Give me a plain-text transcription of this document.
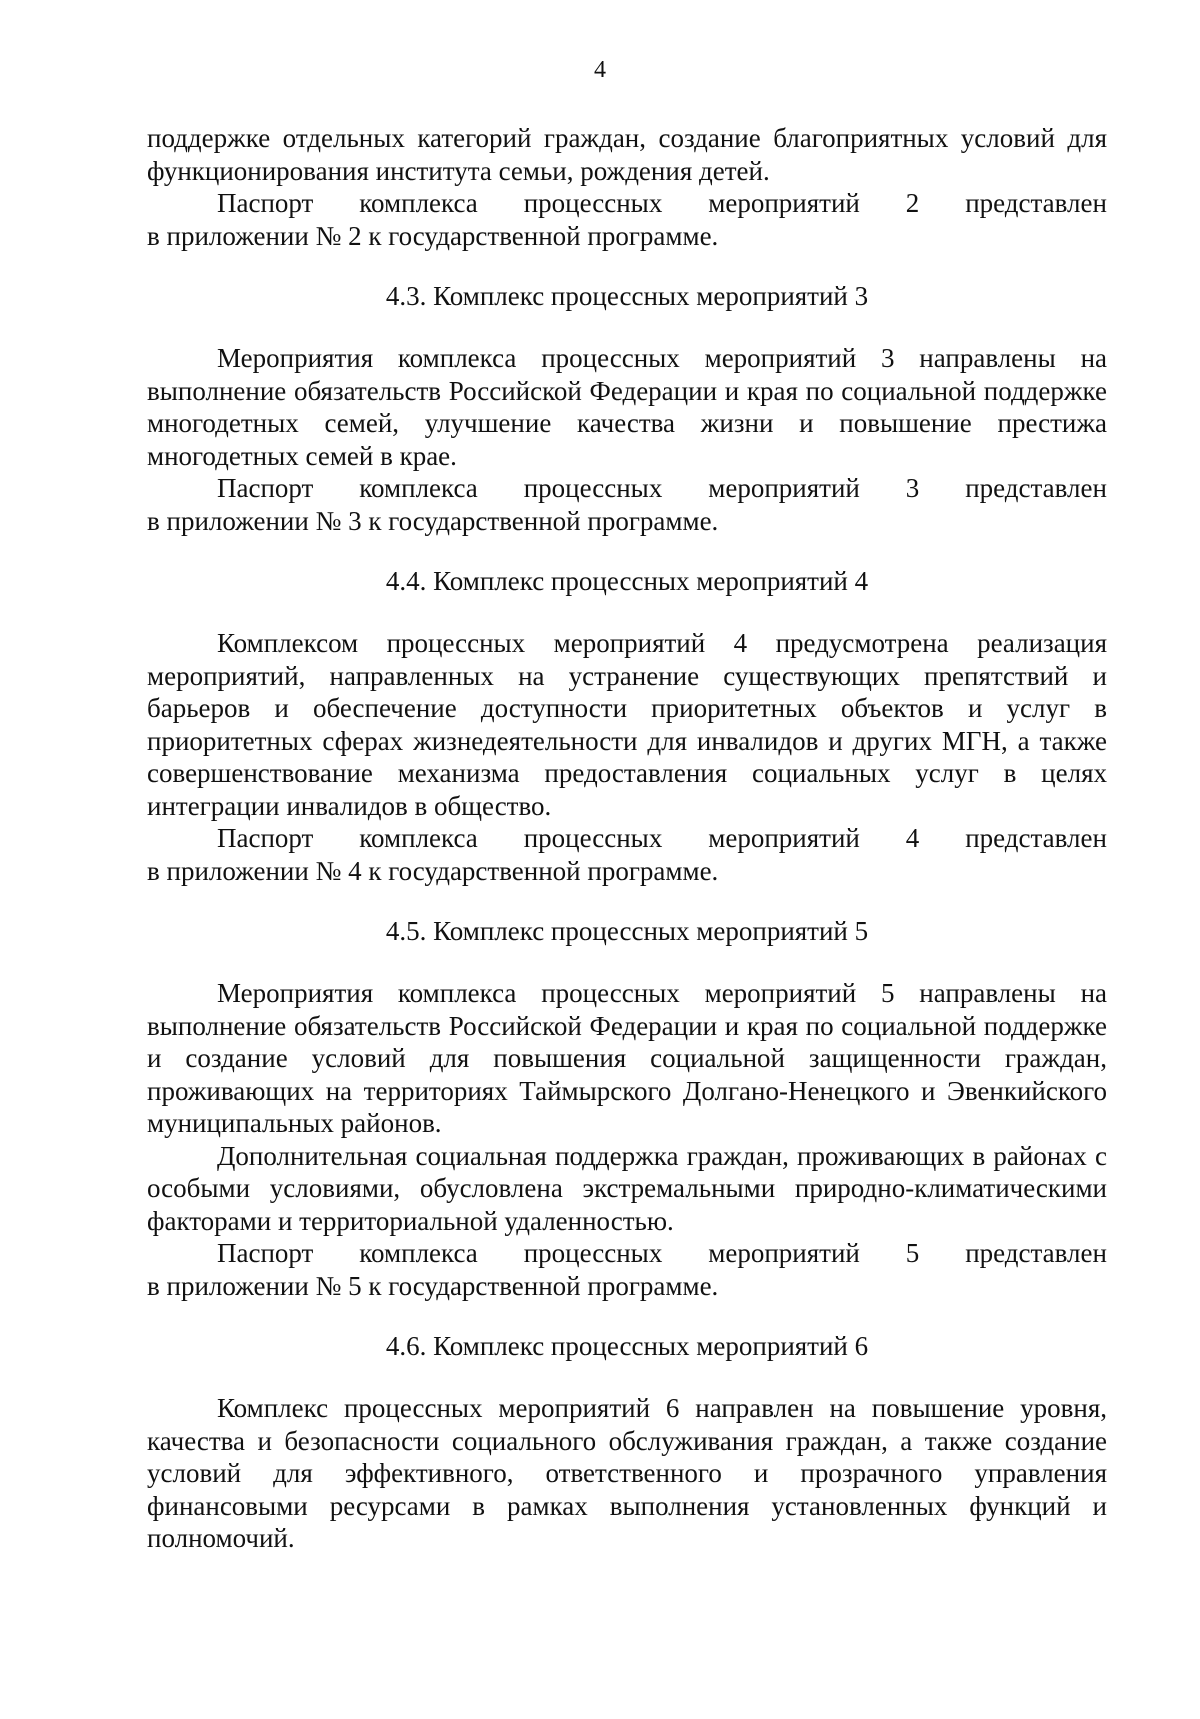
4

поддержке отдельных категорий граждан, создание благоприятных условий для функционирования института семьи, рождения детей.

Паспорт комплекса процессных мероприятий 2 представлен

в приложении № 2 к государственной программе.

4.3. Комплекс процессных мероприятий 3

Мероприятия комплекса процессных мероприятий 3 направлены на выполнение обязательств Российской Федерации и края по социальной поддержке многодетных семей, улучшение качества жизни и повышение престижа многодетных семей в крае.

Паспорт комплекса процессных мероприятий 3 представлен

в приложении № 3 к государственной программе.

4.4. Комплекс процессных мероприятий 4

Комплексом процессных мероприятий 4 предусмотрена реализация мероприятий, направленных на устранение существующих препятствий и барьеров и обеспечение доступности приоритетных объектов и услуг в приоритетных сферах жизнедеятельности для инвалидов и других МГН, а также совершенствование механизма предоставления социальных услуг в целях интеграции инвалидов в общество.

Паспорт комплекса процессных мероприятий 4 представлен

в приложении № 4 к государственной программе.

4.5. Комплекс процессных мероприятий 5

Мероприятия комплекса процессных мероприятий 5 направлены на выполнение обязательств Российской Федерации и края по социальной поддержке и создание условий для повышения социальной защищенности граждан, проживающих на территориях Таймырского Долгано-Ненецкого и Эвенкийского муниципальных районов.

Дополнительная социальная поддержка граждан, проживающих в районах с особыми условиями, обусловлена экстремальными природно-климатическими факторами и территориальной удаленностью.

Паспорт комплекса процессных мероприятий 5 представлен

в приложении № 5 к государственной программе.

4.6. Комплекс процессных мероприятий 6

Комплекс процессных мероприятий 6 направлен на повышение уровня, качества и безопасности социального обслуживания граждан, а также создание условий для эффективного, ответственного и прозрачного управления финансовыми ресурсами в рамках выполнения установленных функций и полномочий.
